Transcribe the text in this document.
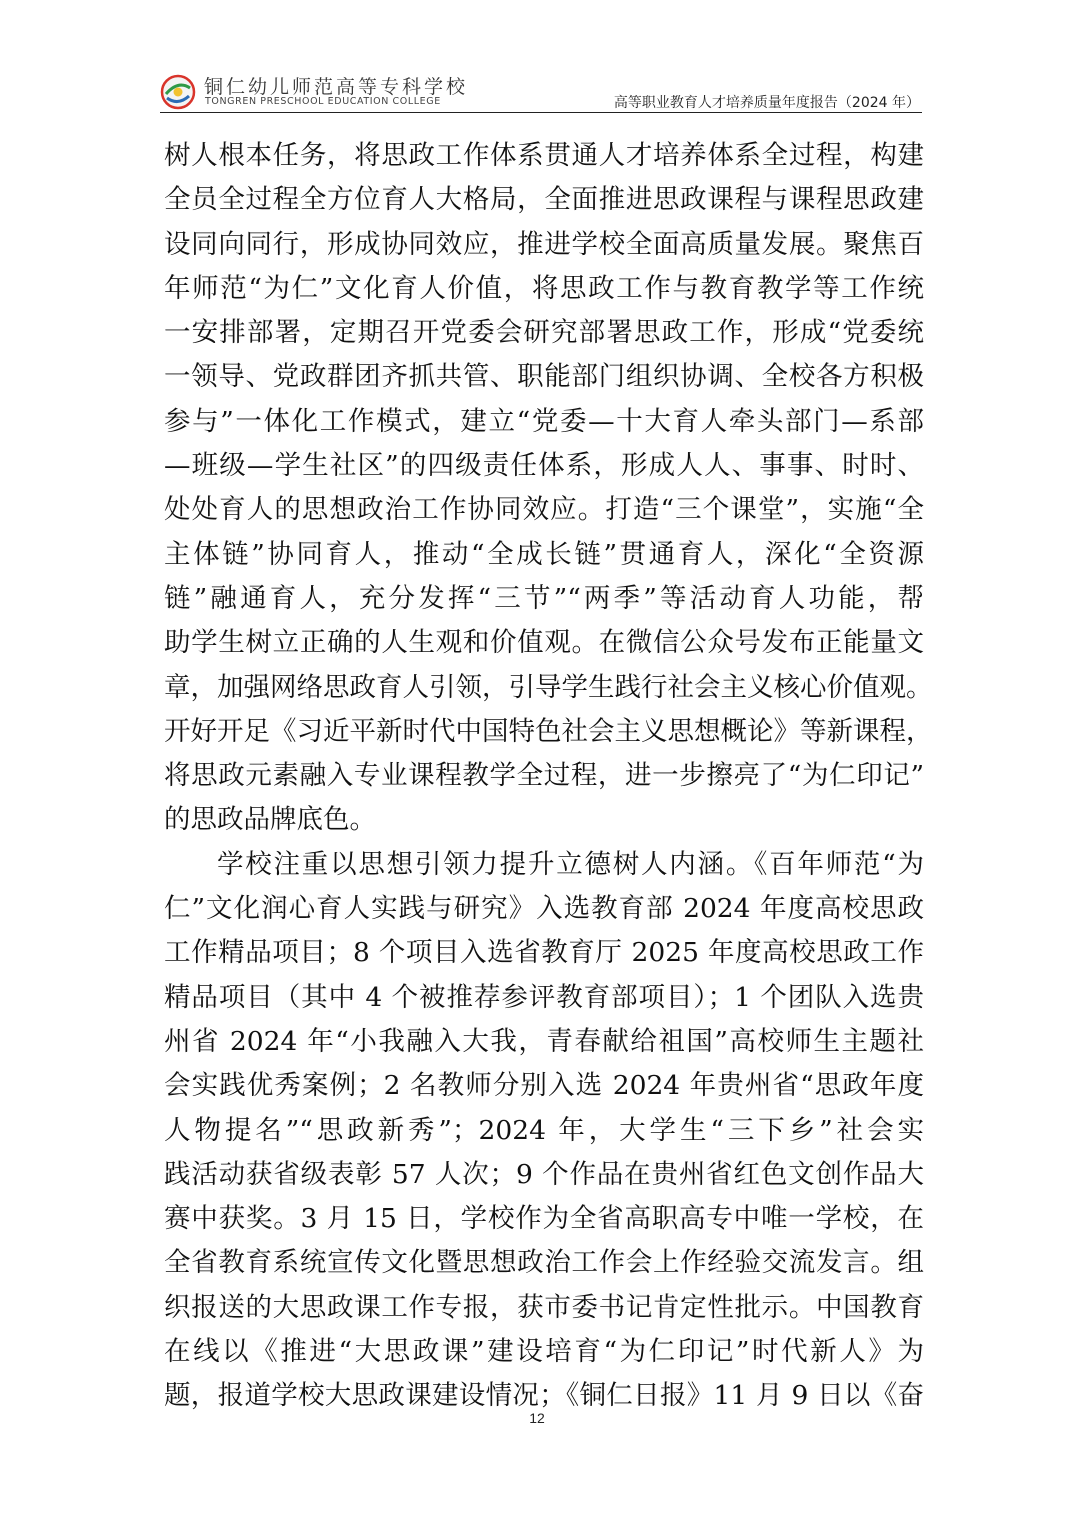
铜仁幼儿师范高等专科学校
TONGREN PRESCHOOL EDUCATION COLLEGE	高等职业教育人才培养质量年度报告（2024 年）
树人根本任务，将思政工作体系贯通人才培养体系全过程，构建
全员全过程全方位育人大格局，全面推进思政课程与课程思政建
设同向同行，形成协同效应，推进学校全面高质量发展。聚焦百
年师范“为仁”文化育人价值，将思政工作与教育教学等工作统
一安排部署，定期召开党委会研究部署思政工作，形成“党委统
一领导、党政群团齐抓共管、职能部门组织协调、全校各方积极
参与”一体化工作模式，建立“党委—十大育人牵头部门—系部
—班级—学生社区”的四级责任体系，形成人人、事事、时时、
处处育人的思想政治工作协同效应。打造“三个课堂”，实施“全
主体链”协同育人，推动“全成长链”贯通育人，深化“全资源
链”融通育人，充分发挥“三节”“两季”等活动育人功能，帮
助学生树立正确的人生观和价值观。在微信公众号发布正能量文
章，加强网络思政育人引领，引导学生践行社会主义核心价值观。
开好开足《习近平新时代中国特色社会主义思想概论》等新课程，
将思政元素融入专业课程教学全过程，进一步擦亮了“为仁印记”
的思政品牌底色。
学校注重以思想引领力提升立德树人内涵。《百年师范“为
仁”文化润心育人实践与研究》入选教育部 2024 年度高校思政
工作精品项目；8 个项目入选省教育厅 2025 年度高校思政工作
精品项目（其中 4 个被推荐参评教育部项目）；1 个团队入选贵
州省 2024 年“小我融入大我，青春献给祖国”高校师生主题社
会实践优秀案例；2 名教师分别入选 2024 年贵州省“思政年度
人物提名”“思政新秀”；2024 年，大学生“三下乡”社会实
践活动获省级表彰 57 人次；9 个作品在贵州省红色文创作品大
赛中获奖。3 月 15 日，学校作为全省高职高专中唯一学校，在
全省教育系统宣传文化暨思想政治工作会上作经验交流发言。组
织报送的大思政课工作专报，获市委书记肯定性批示。中国教育
在线以《推进“大思政课”建设培育“为仁印记”时代新人》为
题，报道学校大思政课建设情况；《铜仁日报》11 月 9 日以《奋
12
